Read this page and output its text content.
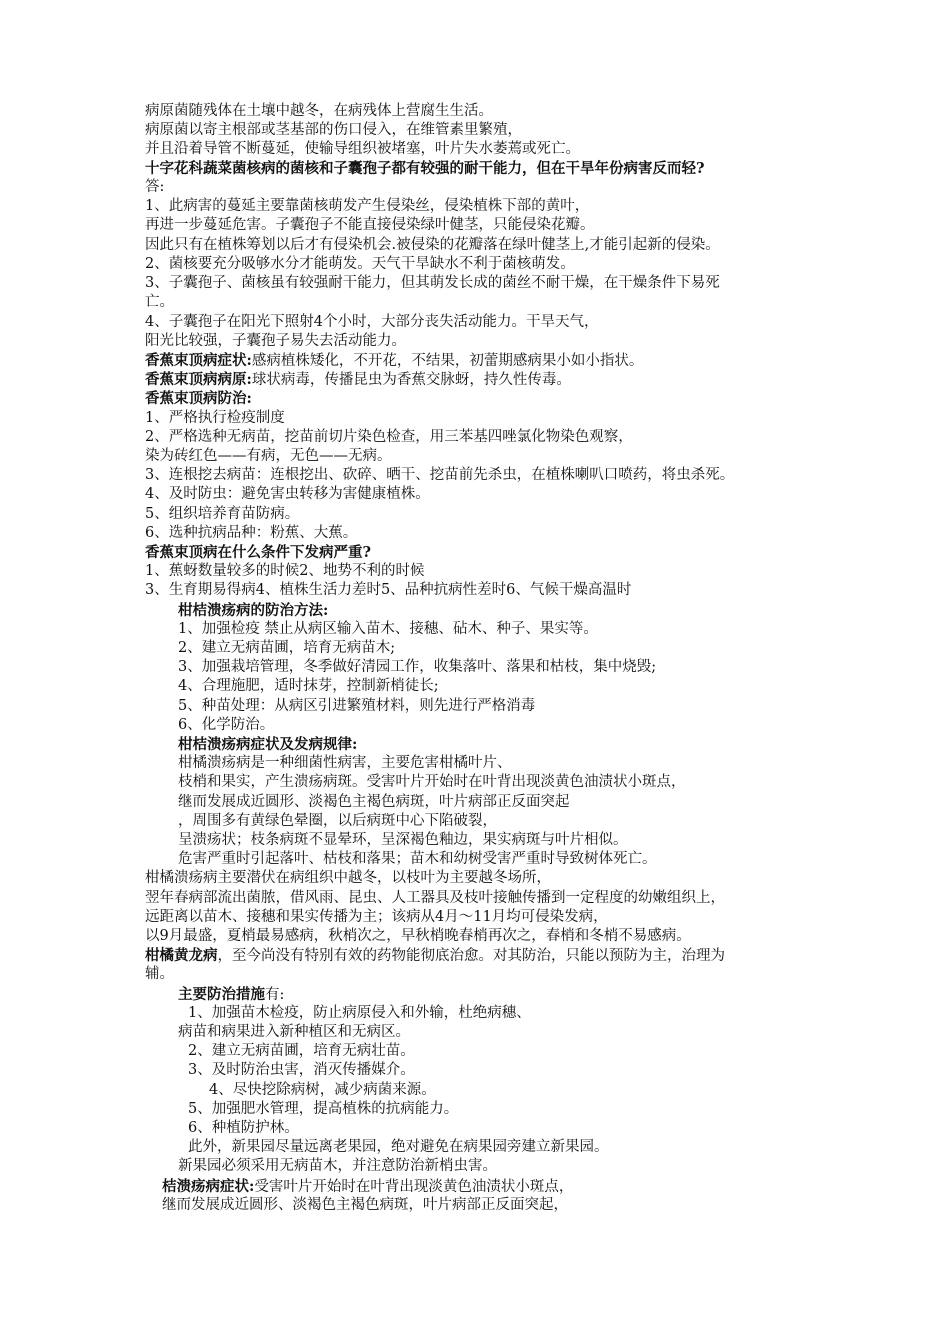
病原菌随残体在土壤中越冬，在病残体上营腐生生活。
病原菌以寄主根部或茎基部的伤口侵入，在维管素里繁殖，
并且沿着导管不断蔓延，使输导组织被堵塞，叶片失水萎蔫或死亡。
十字花科蔬菜菌核病的菌核和子囊孢子都有较强的耐干能力，但在干旱年份病害反而轻?
答:
1、此病害的蔓延主要靠菌核萌发产生侵染丝，侵染植株下部的黄叶，
再进一步蔓延危害。子囊孢子不能直接侵染绿叶健茎，只能侵染花瓣。
因此只有在植株筹划以后才有侵染机会.被侵染的花瓣落在绿叶健茎上,才能引起新的侵染。
2、菌核要充分吸够水分才能萌发。天气干旱缺水不利于菌核萌发。
3、子囊孢子、菌核虽有较强耐干能力，但其萌发长成的菌丝不耐干燥，在干燥条件下易死
亡。
4、子囊孢子在阳光下照射4个小时，大部分丧失活动能力。干旱天气，
阳光比较强，子囊孢子易失去活动能力。
香蕉束顶病症状:感病植株矮化，不开花，不结果，初蕾期感病果小如小指状。
香蕉束顶病病原:球状病毒，传播昆虫为香蕉交脉蚜，持久性传毒。
香蕉束顶病防治:
1、严格执行检疫制度
2、严格选种无病苗，挖苗前切片染色检查，用三苯基四唑氯化物染色观察，
染为砖红色——有病，无色——无病。
3、连根挖去病苗：连根挖出、砍碎、晒干、挖苗前先杀虫，在植株喇叭口喷药，将虫杀死。
4、及时防虫：避免害虫转移为害健康植株。
5、组织培养育苗防病。
6、选种抗病品种：粉蕉、大蕉。
香蕉束顶病在什么条件下发病严重?
1、蕉蚜数量较多的时候2、地势不利的时候
3、生育期易得病4、植株生活力差时5、品种抗病性差时6、气候干燥高温时
柑桔溃疡病的防治方法:
1、加强检疫 禁止从病区输入苗木、接穗、砧木、种子、果实等。
2、建立无病苗圃，培育无病苗木;
3、加强栽培管理，冬季做好清园工作，收集落叶、落果和枯枝，集中烧毁;
4、合理施肥，适时抹芽，控制新梢徒长;
5、种苗处理：从病区引进繁殖材料，则先进行严格消毒
6、化学防治。
柑桔溃疡病症状及发病规律:
柑橘溃疡病是一种细菌性病害，主要危害柑橘叶片、
枝梢和果实，产生溃疡病斑。受害叶片开始时在叶背出现淡黄色油渍状小斑点，
继而发展成近圆形、淡褐色主褐色病斑，叶片病部正反面突起
，周围多有黄绿色晕圈，以后病斑中心下陷破裂，
呈溃疡状；枝条病斑不显晕环，呈深褐色釉边，果实病斑与叶片相似。
危害严重时引起落叶、枯枝和落果；苗木和幼树受害严重时导致树体死亡。
柑橘溃疡病主要潜伏在病组织中越冬，以枝叶为主要越冬场所，
翌年春病部流出菌脓，借风雨、昆虫、人工器具及枝叶接触传播到一定程度的幼嫩组织上，
远距离以苗木、接穗和果实传播为主；该病从4月～11月均可侵染发病，
以9月最盛，夏梢最易感病，秋梢次之，早秋梢晚春梢再次之，春梢和冬梢不易感病。
柑橘黄龙病，至今尚没有特别有效的药物能彻底治愈。对其防治，只能以预防为主，治理为
辅。
主要防治措施有:
1、加强苗木检疫，防止病原侵入和外输，杜绝病穗、
病苗和病果进入新种植区和无病区。
2、建立无病苗圃，培育无病壮苗。
3、及时防治虫害，消灭传播媒介。
4、尽快挖除病树，减少病菌来源。
5、加强肥水管理，提高植株的抗病能力。
6、种植防护林。
此外，新果园尽量远离老果园，绝对避免在病果园旁建立新果园。
新果园必须采用无病苗木，并注意防治新梢虫害。
桔溃疡病症状:受害叶片开始时在叶背出现淡黄色油渍状小斑点，
继而发展成近圆形、淡褐色主褐色病斑，叶片病部正反面突起，
